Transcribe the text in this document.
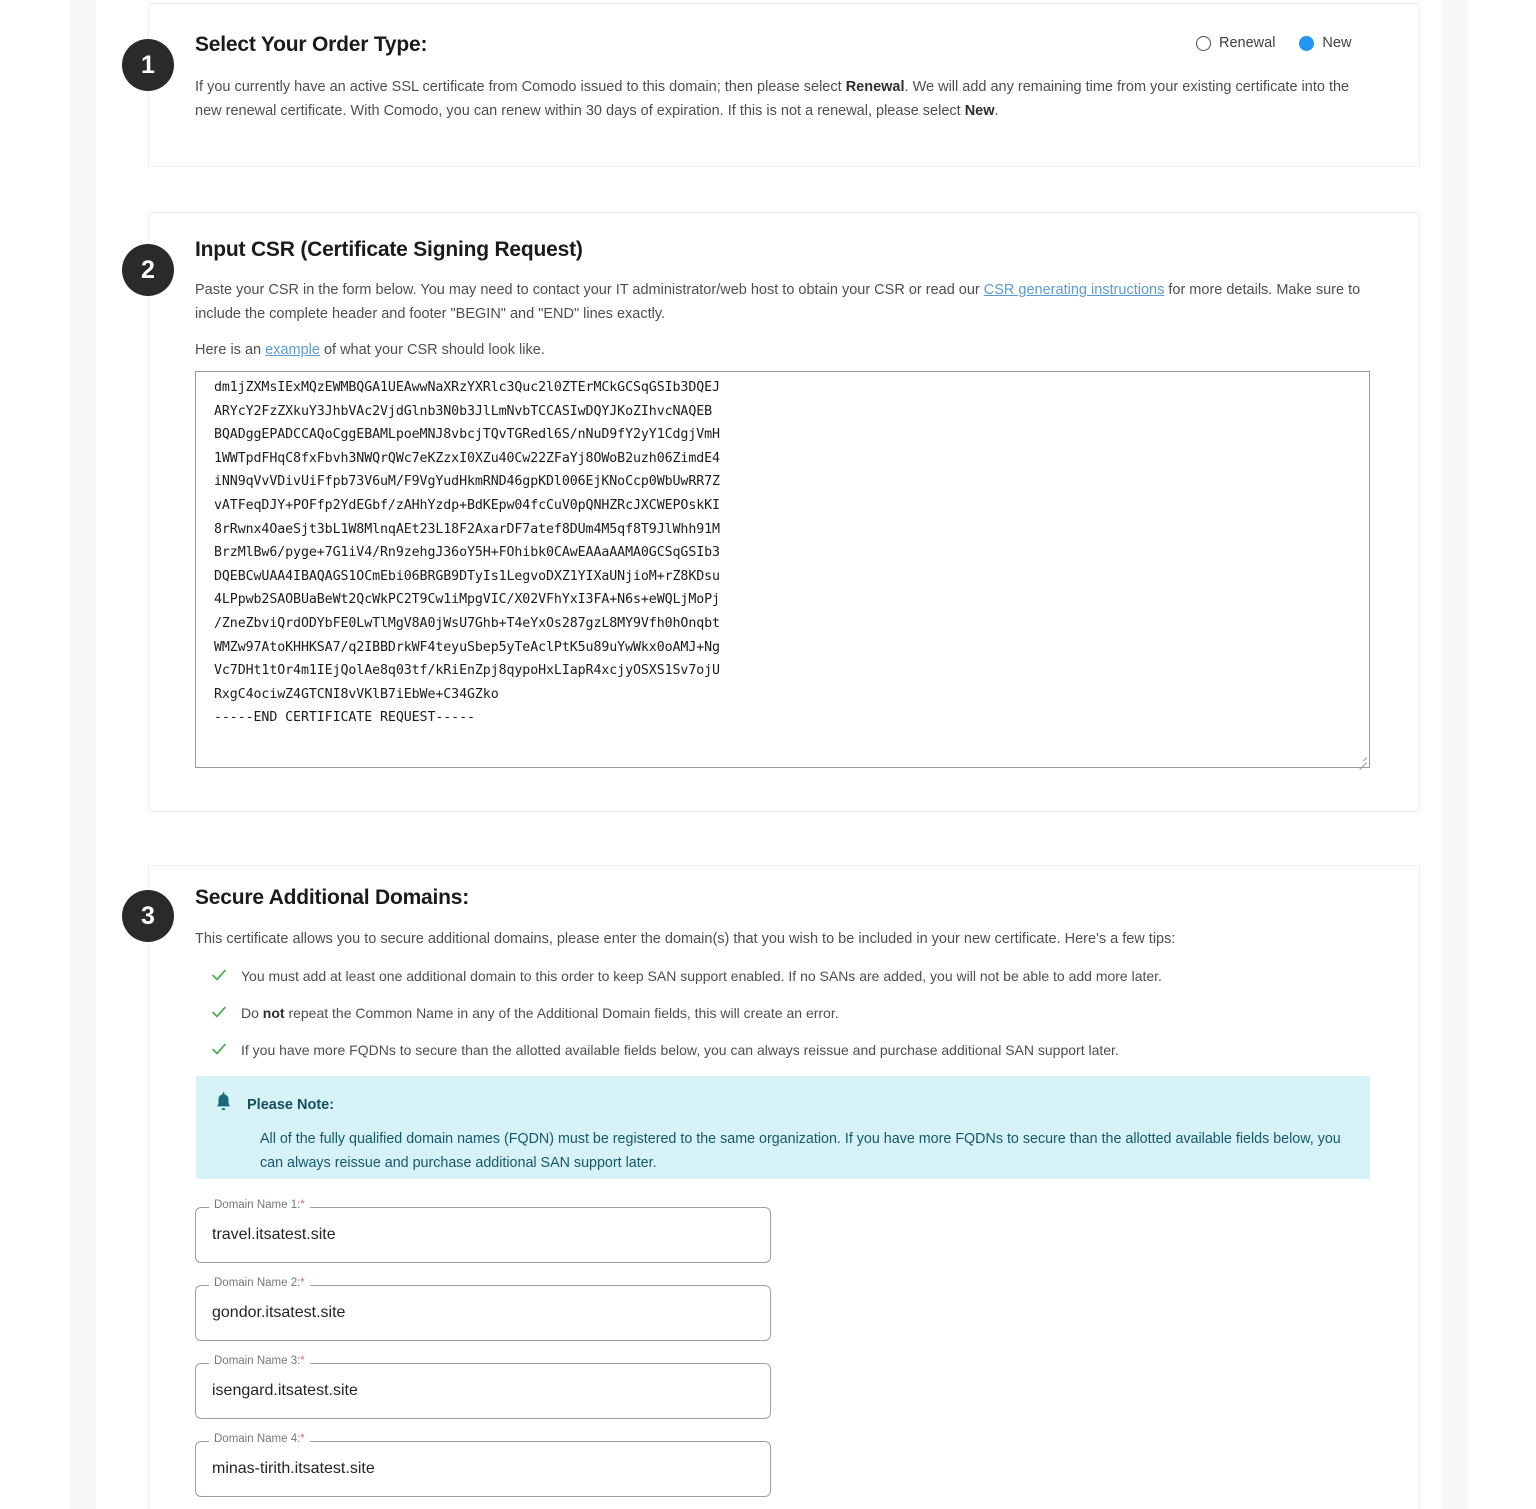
1
Select Your Order Type:
If you currently have an active SSL certificate from Comodo issued to this domain; then please select Renewal. We will add any remaining time from your existing certificate into the new renewal certificate. With Comodo, you can renew within 30 days of expiration. If this is not a renewal, please select New.
Renewal	New
2
Input CSR (Certificate Signing Request)
Paste your CSR in the form below. You may need to contact your IT administrator/web host to obtain your CSR or read our CSR generating instructions for more details. Make sure to include the complete header and footer "BEGIN" and "END" lines exactly.
Here is an example of what your CSR should look like.
dm1jZXMsIExMQzEWMBQGA1UEAwwNaXRzYXRlc3Quc2l0ZTErMCkGCSqGSIb3DQEJ ARYcY2FzZXkuY3JhbVAc2VjdGlnb3N0b3JlLmNvbTCCASIwDQYJKoZIhvcNAQEB BQADggEPADCCAQoCggEBAMLpoeMNJ8vbcjTQvTGRedl6S/nNuD9fY2yY1CdgjVmH 1WWTpdFHqC8fxFbvh3NWQrQWc7eKZzxI0XZu40Cw22ZFaYj8OWoB2uzh06ZimdE4 iNN9qVvVDivUiFfpb73V6uM/F9VgYudHkmRND46gpKDl006EjKNoCcp0WbUwRR7Z vATFeqDJY+POFfp2YdEGbf/zAHhYzdp+BdKEpw04fcCuV0pQNHZRcJXCWEPOskKI 8rRwnx4OaeSjt3bL1W8MlnqAEt23L18F2AxarDF7atef8DUm4M5qf8T9JlWhh91M BrzMlBw6/pyge+7G1iV4/Rn9zehgJ36oY5H+FOhibk0CAwEAAaAAMA0GCSqGSIb3 DQEBCwUAA4IBAQAGS1OCmEbi06BRGB9DTyIs1LegvoDXZ1YIXaUNjioM+rZ8KDsu 4LPpwb2SAOBUaBeWt2QcWkPC2T9Cw1iMpgVIC/X02VFhYxI3FA+N6s+eWQLjMoPj /ZneZbviQrdODYbFE0LwTlMgV8A0jWsU7Ghb+T4eYxOs287gzL8MY9Vfh0hOnqbt WMZw97AtoKHHKSA7/q2IBBDrkWF4teyuSbep5yTeAclPtK5u89uYwWkx0oAMJ+Ng Vc7DHt1tOr4m1IEjQolAe8q03tf/kRiEnZpj8qypoHxLIapR4xcjyOSXS1Sv7ojU RxgC4ociwZ4GTCNI8vVKlB7iEbWe+C34GZko -----END CERTIFICATE REQUEST-----
3
Secure Additional Domains:
This certificate allows you to secure additional domains, please enter the domain(s) that you wish to be included in your new certificate. Here's a few tips:
You must add at least one additional domain to this order to keep SAN support enabled. If no SANs are added, you will not be able to add more later.
Do not repeat the Common Name in any of the Additional Domain fields, this will create an error.
If you have more FQDNs to secure than the allotted available fields below, you can always reissue and purchase additional SAN support later.
Please Note:
All of the fully qualified domain names (FQDN) must be registered to the same organization. If you have more FQDNs to secure than the allotted available fields below, you can always reissue and purchase additional SAN support later.
Domain Name 1:*
travel.itsatest.site
Domain Name 2:*
gondor.itsatest.site
Domain Name 3:*
isengard.itsatest.site
Domain Name 4:*
minas-tirith.itsatest.site
